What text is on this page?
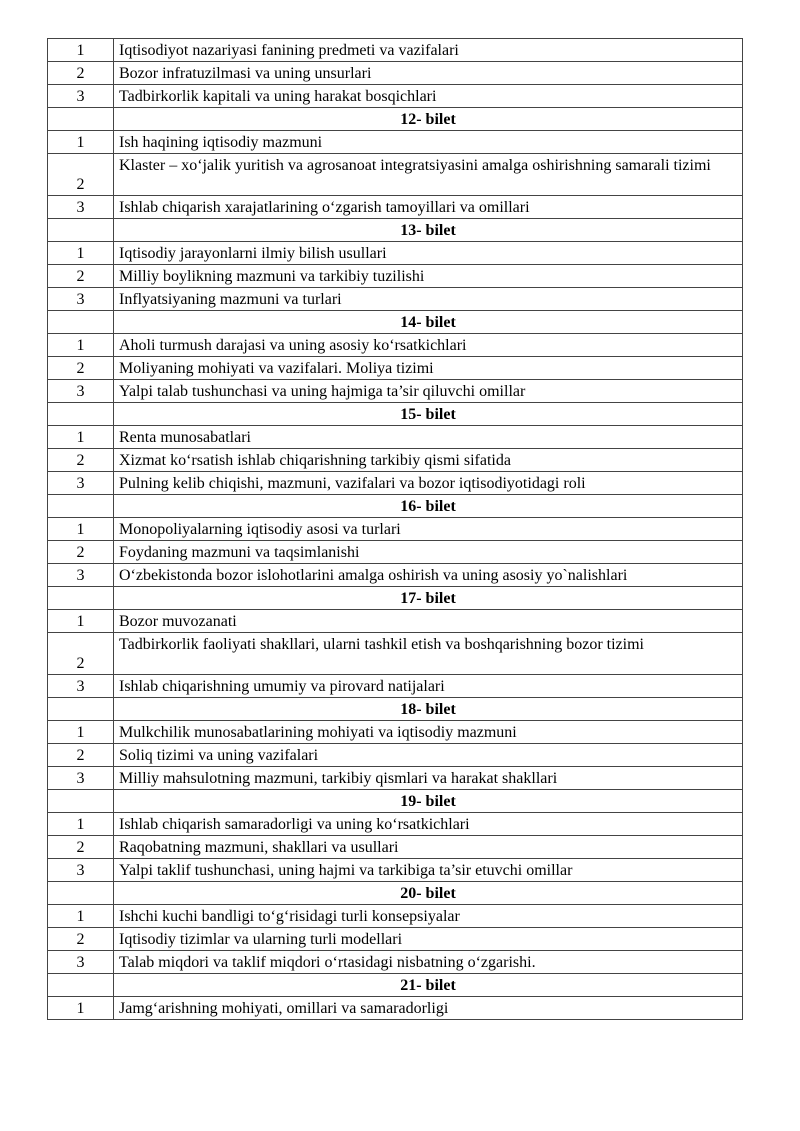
1	Iqtisodiyot nazariyasi fanining predmeti va vazifalari
2	Bozor infratuzilmasi va uning unsurlari
3	Tadbirkorlik kapitali va uning harakat bosqichlari
	12- bilet
1	Ish haqining iqtisodiy mazmuni
2	Klaster – xo‘jalik yuritish va agrosanoat integratsiyasini amalga oshirishning samarali tizimi
3	Ishlab chiqarish xarajatlarining o‘zgarish tamoyillari va omillari
	13- bilet
1	Iqtisodiy jarayonlarni ilmiy bilish usullari
2	Milliy boylikning mazmuni va tarkibiy tuzilishi
3	Inflyatsiyaning mazmuni va turlari
	14- bilet
1	Aholi turmush darajasi va uning asosiy ko‘rsatkichlari
2	Moliyaning mohiyati va vazifalari. Moliya tizimi
3	Yalpi talab tushunchasi va uning hajmiga ta’sir qiluvchi omillar
	15- bilet
1	Renta munosabatlari
2	Xizmat ko‘rsatish ishlab chiqarishning tarkibiy qismi sifatida
3	Pulning kelib chiqishi, mazmuni, vazifalari va bozor iqtisodiyotidagi roli
	16- bilet
1	Monopoliyalarning iqtisodiy asosi va turlari
2	Foydaning mazmuni va taqsimlanishi
3	O‘zbekistonda bozor islohotlarini amalga oshirish va uning asosiy yo`nalishlari
	17- bilet
1	Bozor muvozanati
2	Tadbirkorlik faoliyati shakllari, ularni tashkil etish va boshqarishning bozor tizimi
3	Ishlab chiqarishning umumiy va pirovard natijalari
	18- bilet
1	Mulkchilik munosabatlarining mohiyati va iqtisodiy mazmuni
2	Soliq tizimi va uning vazifalari
3	Milliy mahsulotning mazmuni, tarkibiy qismlari va harakat shakllari
	19- bilet
1	Ishlab chiqarish samaradorligi va uning ko‘rsatkichlari
2	Raqobatning mazmuni, shakllari va usullari
3	Yalpi taklif tushunchasi, uning hajmi va tarkibiga ta’sir etuvchi omillar
	20- bilet
1	Ishchi kuchi bandligi to‘g‘risidagi turli konsepsiyalar
2	Iqtisodiy tizimlar va ularning turli modellari
3	Talab miqdori va taklif miqdori o‘rtasidagi nisbatning o‘zgarishi.
	21- bilet
1	Jamg‘arishning mohiyati, omillari va samaradorligi
